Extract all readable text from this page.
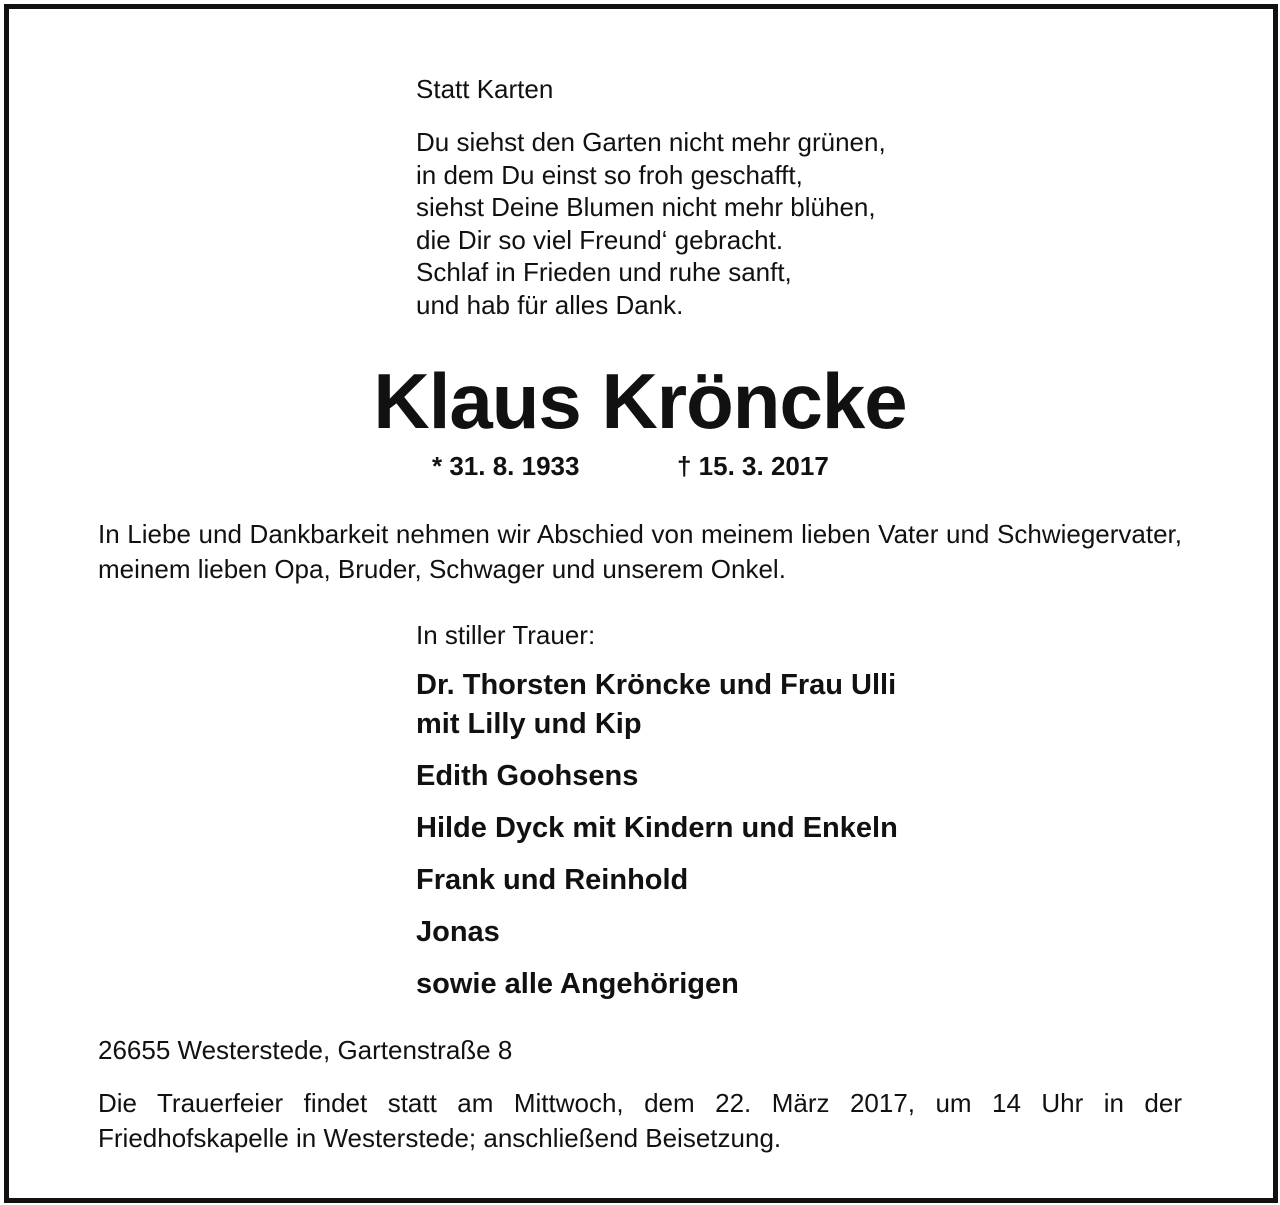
Statt Karten
Du siehst den Garten nicht mehr grünen,
in dem Du einst so froh geschafft,
siehst Deine Blumen nicht mehr blühen,
die Dir so viel Freund‘ gebracht.
Schlaf in Frieden und ruhe sanft,
und hab für alles Dank.
Klaus Kröncke
* 31. 8. 1933	† 15. 3. 2017
In Liebe und Dankbarkeit nehmen wir Abschied von meinem lieben Vater und Schwiegervater, meinem lieben Opa, Bruder, Schwager und unserem Onkel.
In stiller Trauer:
Dr. Thorsten Kröncke und Frau Ulli
mit Lilly und Kip
Edith Goohsens
Hilde Dyck mit Kindern und Enkeln
Frank und Reinhold
Jonas
sowie alle Angehörigen
26655 Westerstede, Gartenstraße 8
Die Trauerfeier findet statt am Mittwoch, dem 22. März 2017, um 14 Uhr in der Friedhofskapelle in Westerstede; anschließend Beisetzung.
